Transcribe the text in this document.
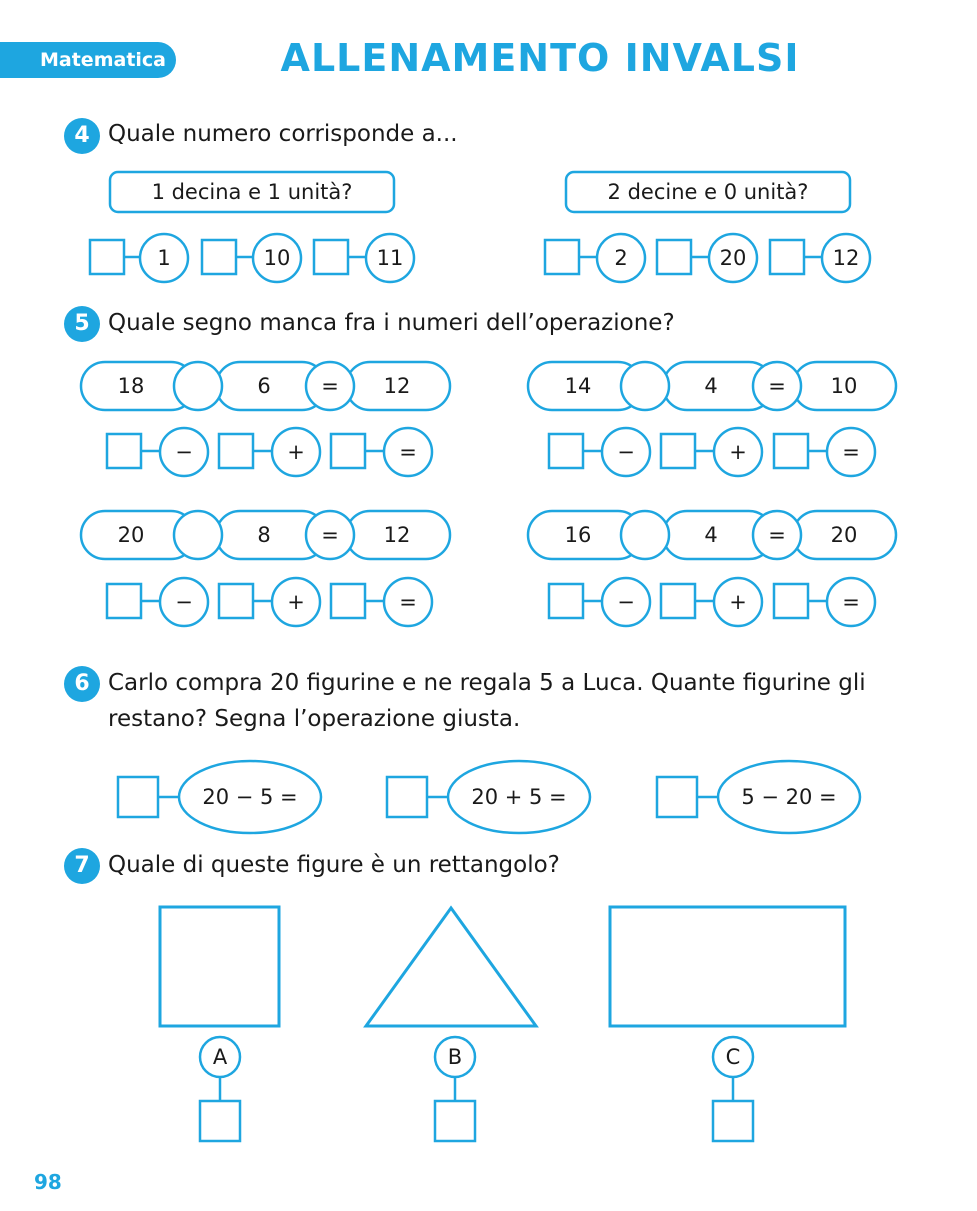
Matematica	ALLENAMENTO INVALSI
4 Quale numero corrisponde a...
5 Quale segno manca fra i numeri dell’operazione?
6 Carlo compra 20 figurine e ne regala 5 a Luca. Quante figurine gli
restano? Segna l’operazione giusta.
7 Quale di queste figure è un rettangolo?
1 decina e 1 unità?	2 decine e 0 unità?
1	10	11	2	20	12
18	6 = 12	14	4 = 10
20	8 = 12	16	4 = 20
−	+	=	−	+	=
−	+	=	−	+	=
20 − 5 =	20 + 5 =	5 − 20 =
A	B	C
98
